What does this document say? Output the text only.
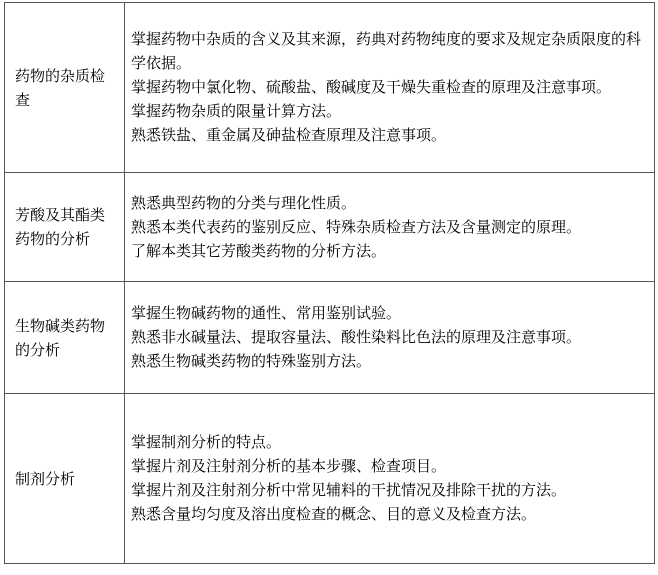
药物的杂质检查	掌握药物中杂质的含义及其来源，药典对药物纯度的要求及规定杂质限度的科学依据。
掌握药物中氯化物、硫酸盐、酸碱度及干燥失重检查的原理及注意事项。
掌握药物杂质的限量计算方法。
熟悉铁盐、重金属及砷盐检查原理及注意事项。

芳酸及其酯类药物的分析	熟悉典型药物的分类与理化性质。
熟悉本类代表药的鉴别反应、特殊杂质检查方法及含量测定的原理。
了解本类其它芳酸类药物的分析方法。

生物碱类药物的分析	掌握生物碱药物的通性、常用鉴别试验。
熟悉非水碱量法、提取容量法、酸性染料比色法的原理及注意事项。
熟悉生物碱类药物的特殊鉴别方法。

制剂分析	掌握制剂分析的特点。
掌握片剂及注射剂分析的基本步骤、检查项目。
掌握片剂及注射剂分析中常见辅料的干扰情况及排除干扰的方法。
熟悉含量均匀度及溶出度检查的概念、目的意义及检查方法。
